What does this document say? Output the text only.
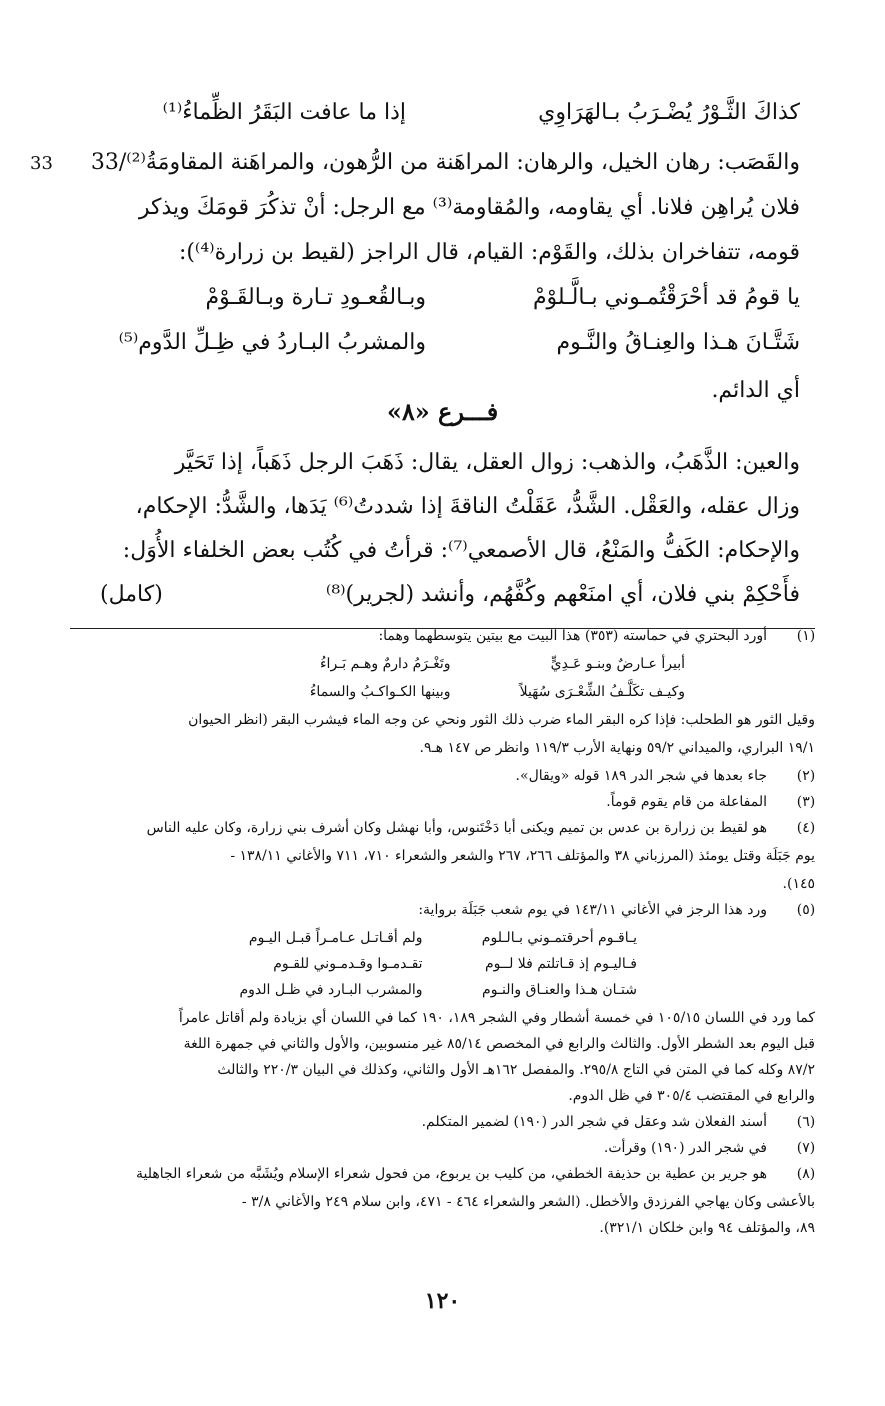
33
كذاكَ الثَّـوْرُ يُضْـرَبُ بـالهَرَاوِي  إذا ما عافت البَقَرُ الظِّماءُ⁽¹⁾
والقَصَب: رهان الخيل، والرهان: المراهَنة من الرُّهون، والمراهَنة المقاومَةُ⁽²⁾/33
فلان يُراهِن فلانا. أي يقاومه، والمُقاومة⁽³⁾ مع الرجل: أنْ تذكُرَ قومَكَ ويذكر
قومه، تتفاخران بذلك، والقَوْم: القيام، قال الراجز (لقيط بن زرارة⁽⁴⁾):
يا قومُ قد أحْرَقْتُمـوني بـالَّـلوْمْ  وبـالقُعـودِ تـارة وبـالقَـوْمْ
شَتَّـانَ هـذا والعِنـاقُ والنَّـوم  والمشربُ البـاردُ في ظِـلِّ الدَّوم⁽⁵⁾
أي الدائم.
فـــرع «٨»
والعين: الذَّهَبُ، والذهب: زوال العقل، يقال: ذَهَبَ الرجل ذَهَباً، إذا تَحَيَّر
وزال عقله، والعَقْل. الشَّدُّ، عَقَلْتُ الناقةَ إذا شددتُ⁽⁶⁾ يَدَها، والشَّدُّ: الإحكام،
والإحكام: الكَفُّ والمَنْعُ، قال الأصمعي⁽⁷⁾: قرأتُ في كُتُب بعض الخلفاء الأُوَل:
فأَحْكِمْ بني فلان، أي امنَعْهم وكُفَّهُم، وأنشد (لجرير)⁽⁸⁾
(كامل)
(١)
أورد البحتري في حماسته (٣٥٣) هذا البيت مع بيتين يتوسطهما وهما:
أبيرأ عـارضٌ وبنـو عَـدِيٍّ وتَغْـرَمُ دارمٌ وهـم بَـراءُ
وكيـف تكَلَّـفُ الشِّعْـرَى سُهَيلاً وبينها الكـواكـبُ والسماءُ
وقيل الثور هو الطحلب: فإذا كره البقر الماء ضرب ذلك الثور ونحي عن وجه الماء فيشرب البقر (انظر الحيوان
١٩/١ البراري، والميداني ٥٩/٢ ونهاية الأرب ١١٩/٣ وانظر ص ١٤٧ هـ٩.
(٢)
جاء بعدها في شجر الدر ١٨٩ قوله «ويقال».
(٣)
المفاعلة من قام يقوم قوماً.
(٤)
هو لقيط بن زرارة بن عدس بن تميم ويكنى أبا دَخْتَنوس، وأبا نهشل وكان أشرف بني زرارة، وكان عليه الناس
يوم جَبَلَة وقتل يومئذ (المرزباني ٣٨ والمؤتلف ٢٦٦، ٢٦٧ والشعر والشعراء ٧١٠، ٧١١ والأغاني ١٣٨/١١ -
١٤٥).
(٥)
ورد هذا الرجز في الأغاني ١٤٣/١١ في يوم شعب جَبَلَة برواية:
يـاقـوم أحرقتمـوني بـالـلوم ولم أقـاتـل عـامـراً قبـل اليـوم
فـاليـوم إذ قـاتلتم فلا لــوم تقـدمـوا وقـدمـوني للقـوم
شتـان هـذا والعنـاق والنـوم والمشرب البـارد في ظـل الدوم
كما ورد في اللسان ١٠٥/١٥ في خمسة أشطار وفي الشجر ١٨٩، ١٩٠ كما في اللسان أي بزيادة ولم أقاتل عامراً
قبل اليوم بعد الشطر الأول. والثالث والرابع في المخصص ٨٥/١٤ غير منسوبين، والأول والثاني في جمهرة اللغة
٨٧/٢ وكله كما في المتن في التاج ٢٩٥/٨. والمفصل ١٦٢هـ الأول والثاني، وكذلك في البيان ٢٢٠/٣ والثالث
والرابع في المقتضب ٣٠٥/٤ في ظل الدوم.
(٦)
أسند الفعلان شد وعقل في شجر الدر (١٩٠) لضمير المتكلم.
(٧)
في شجر الدر (١٩٠) وقرأت.
(٨)
هو جرير بن عطية بن حذيفة الخطفي، من كليب بن يربوع، من فحول شعراء الإسلام ويُشَبَّه من شعراء الجاهلية
بالأعشى وكان يهاجي الفرزدق والأخطل. (الشعر والشعراء ٤٦٤ - ٤٧١، وابن سلام ٢٤٩ والأغاني ٣/٨ -
٨٩، والمؤتلف ٩٤ وابن خلكان ٣٢١/١).
١٢٠
